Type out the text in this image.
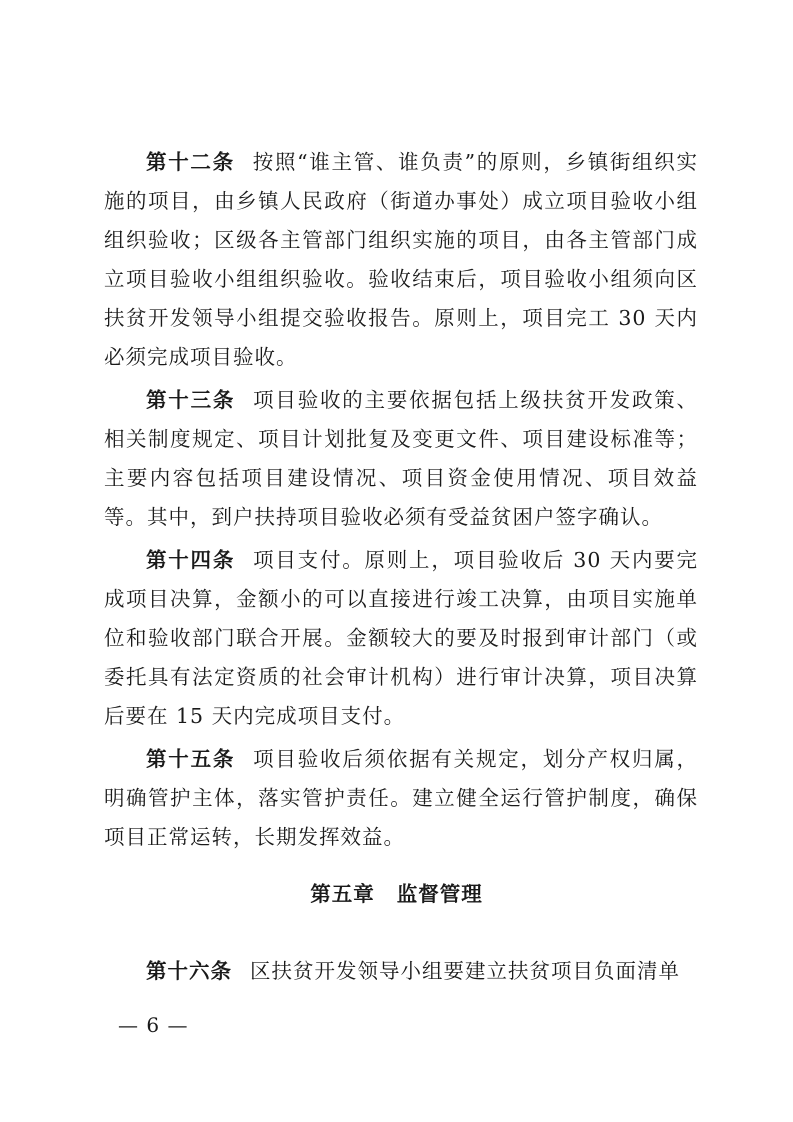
第十二条 按照“谁主管、谁负责”的原则，乡镇街组织实施的项目，由乡镇人民政府（街道办事处）成立项目验收小组组织验收；区级各主管部门组织实施的项目，由各主管部门成立项目验收小组组织验收。验收结束后，项目验收小组须向区扶贫开发领导小组提交验收报告。原则上，项目完工 30 天内必须完成项目验收。

第十三条 项目验收的主要依据包括上级扶贫开发政策、相关制度规定、项目计划批复及变更文件、项目建设标准等；主要内容包括项目建设情况、项目资金使用情况、项目效益等。其中，到户扶持项目验收必须有受益贫困户签字确认。

第十四条 项目支付。原则上，项目验收后 30 天内要完成项目决算，金额小的可以直接进行竣工决算，由项目实施单位和验收部门联合开展。金额较大的要及时报到审计部门（或委托具有法定资质的社会审计机构）进行审计决算，项目决算后要在 15 天内完成项目支付。

第十五条 项目验收后须依据有关规定，划分产权归属，明确管护主体，落实管护责任。建立健全运行管护制度，确保项目正常运转，长期发挥效益。

第五章 监督管理

第十六条 区扶贫开发领导小组要建立扶贫项目负面清单

— 6 —
